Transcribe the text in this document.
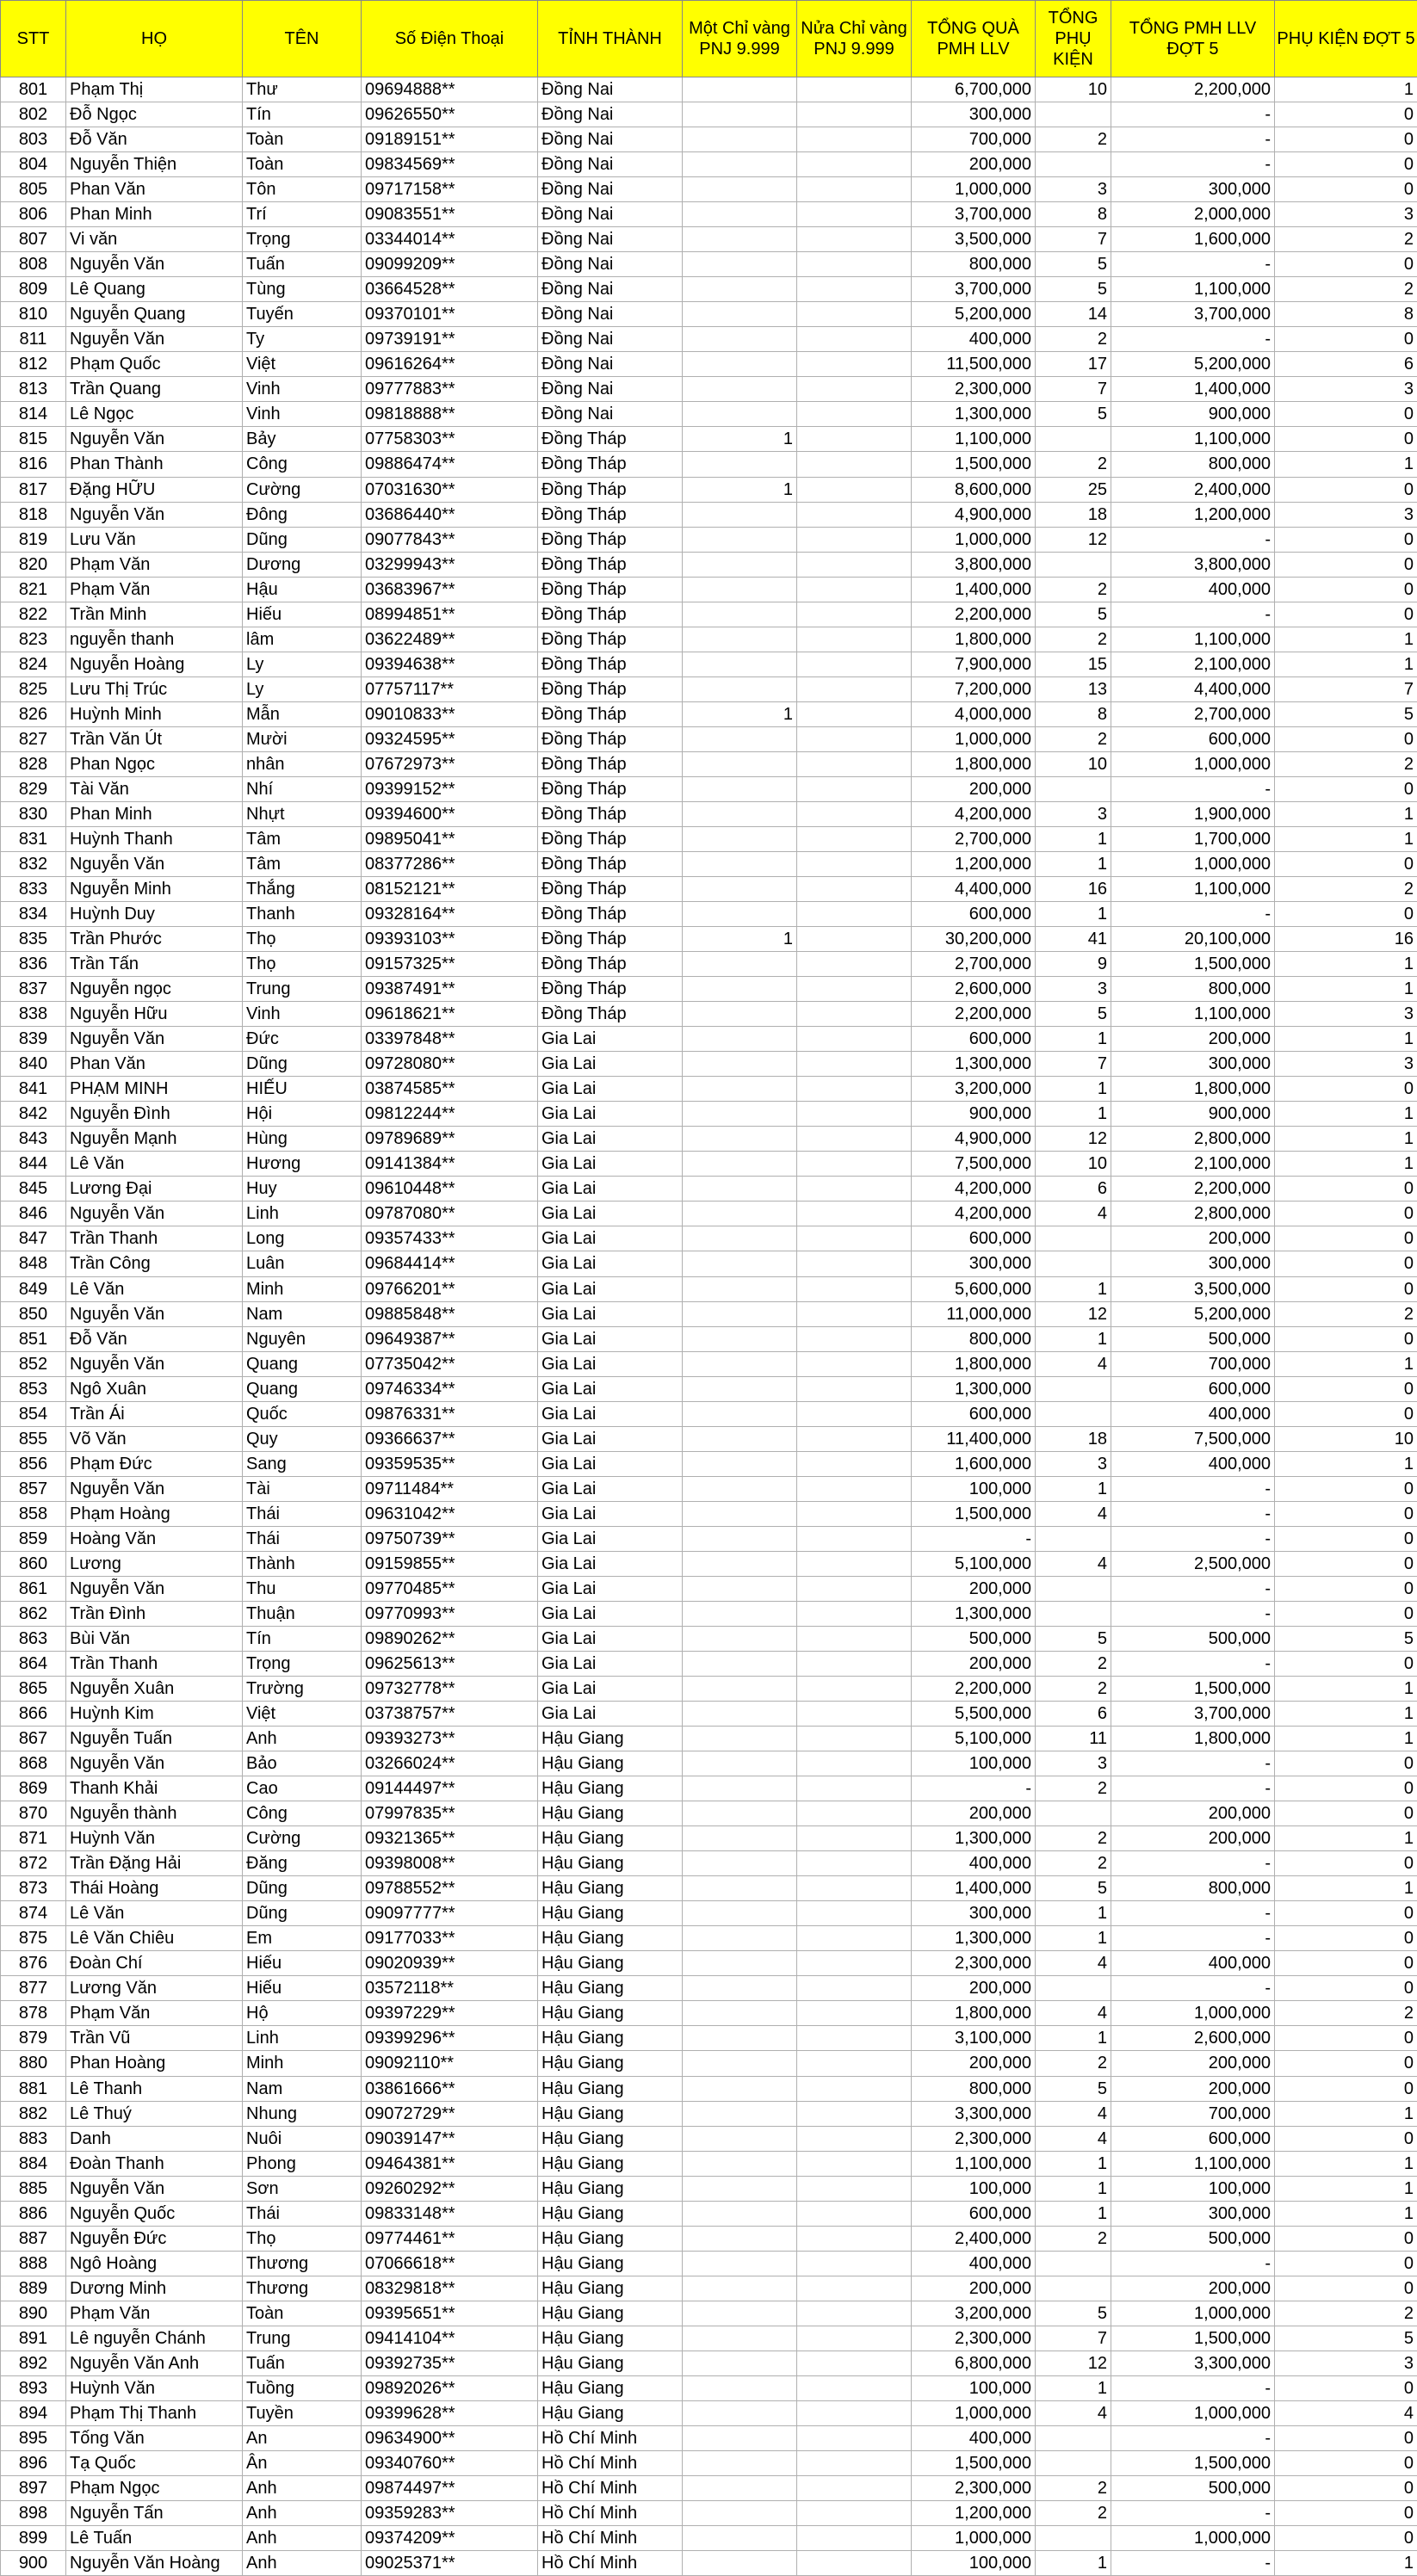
STT	HỌ	TÊN	Số Điện Thoại	TỈNH THÀNH	Một Chỉ vàng PNJ 9.999	Nửa Chỉ vàng PNJ 9.999	TỔNG QUÀ PMH LLV	TỔNG PHỤ KIỆN	TỔNG PMH LLV ĐỢT 5	PHỤ KIỆN ĐỢT 5
801	Phạm Thị	Thư	09694888**	Đồng Nai			6,700,000	10	2,200,000	1
802	Đỗ Ngọc	Tín	09626550**	Đồng Nai			300,000		-	0
803	Đỗ Văn	Toàn	09189151**	Đồng Nai			700,000	2	-	0
804	Nguyễn Thiện	Toàn	09834569**	Đồng Nai			200,000		-	0
805	Phan Văn	Tôn	09717158**	Đồng Nai			1,000,000	3	300,000	0
806	Phan Minh	Trí	09083551**	Đồng Nai			3,700,000	8	2,000,000	3
807	Vi văn	Trọng	03344014**	Đồng Nai			3,500,000	7	1,600,000	2
808	Nguyễn Văn	Tuấn	09099209**	Đồng Nai			800,000	5	-	0
809	Lê Quang	Tùng	03664528**	Đồng Nai			3,700,000	5	1,100,000	2
810	Nguyễn Quang	Tuyến	09370101**	Đồng Nai			5,200,000	14	3,700,000	8
811	Nguyễn Văn	Ty	09739191**	Đồng Nai			400,000	2	-	0
812	Phạm Quốc	Việt	09616264**	Đồng Nai			11,500,000	17	5,200,000	6
813	Trần Quang	Vinh	09777883**	Đồng Nai			2,300,000	7	1,400,000	3
814	Lê Ngọc	Vinh	09818888**	Đồng Nai			1,300,000	5	900,000	0
815	Nguyễn Văn	Bảy	07758303**	Đồng Tháp	1		1,100,000		1,100,000	0
816	Phan Thành	Công	09886474**	Đồng Tháp			1,500,000	2	800,000	1
817	Đặng HỮU	Cường	07031630**	Đồng Tháp	1		8,600,000	25	2,400,000	0
818	Nguyễn Văn	Đông	03686440**	Đồng Tháp			4,900,000	18	1,200,000	3
819	Lưu Văn	Dũng	09077843**	Đồng Tháp			1,000,000	12	-	0
820	Phạm Văn	Dương	03299943**	Đồng Tháp			3,800,000		3,800,000	0
821	Phạm Văn	Hậu	03683967**	Đồng Tháp			1,400,000	2	400,000	0
822	Trần Minh	Hiếu	08994851**	Đồng Tháp			2,200,000	5	-	0
823	nguyễn thanh	lâm	03622489**	Đồng Tháp			1,800,000	2	1,100,000	1
824	Nguyễn Hoàng	Ly	09394638**	Đồng Tháp			7,900,000	15	2,100,000	1
825	Lưu Thị Trúc	Ly	07757117**	Đồng Tháp			7,200,000	13	4,400,000	7
826	Huỳnh Minh	Mẫn	09010833**	Đồng Tháp	1		4,000,000	8	2,700,000	5
827	Trần Văn Út	Mười	09324595**	Đồng Tháp			1,000,000	2	600,000	0
828	Phan Ngọc	nhân	07672973**	Đồng Tháp			1,800,000	10	1,000,000	2
829	Tài Văn	Nhí	09399152**	Đồng Tháp			200,000		-	0
830	Phan Minh	Nhựt	09394600**	Đồng Tháp			4,200,000	3	1,900,000	1
831	Huỳnh Thanh	Tâm	09895041**	Đồng Tháp			2,700,000	1	1,700,000	1
832	Nguyễn Văn	Tâm	08377286**	Đồng Tháp			1,200,000	1	1,000,000	0
833	Nguyễn Minh	Thắng	08152121**	Đồng Tháp			4,400,000	16	1,100,000	2
834	Huỳnh Duy	Thanh	09328164**	Đồng Tháp			600,000	1	-	0
835	Trần Phước	Thọ	09393103**	Đồng Tháp	1		30,200,000	41	20,100,000	16
836	Trần Tấn	Thọ	09157325**	Đồng Tháp			2,700,000	9	1,500,000	1
837	Nguyễn ngọc	Trung	09387491**	Đồng Tháp			2,600,000	3	800,000	1
838	Nguyễn Hữu	Vinh	09618621**	Đồng Tháp			2,200,000	5	1,100,000	3
839	Nguyễn Văn	Đức	03397848**	Gia Lai			600,000	1	200,000	1
840	Phan Văn	Dũng	09728080**	Gia Lai			1,300,000	7	300,000	3
841	PHẠM MINH	HIẾU	03874585**	Gia Lai			3,200,000	1	1,800,000	0
842	Nguyễn Đình	Hội	09812244**	Gia Lai			900,000	1	900,000	1
843	Nguyễn Mạnh	Hùng	09789689**	Gia Lai			4,900,000	12	2,800,000	1
844	Lê Văn	Hương	09141384**	Gia Lai			7,500,000	10	2,100,000	1
845	Lương Đại	Huy	09610448**	Gia Lai			4,200,000	6	2,200,000	0
846	Nguyễn Văn	Linh	09787080**	Gia Lai			4,200,000	4	2,800,000	0
847	Trần Thanh	Long	09357433**	Gia Lai			600,000		200,000	0
848	Trần Công	Luân	09684414**	Gia Lai			300,000		300,000	0
849	Lê Văn	Minh	09766201**	Gia Lai			5,600,000	1	3,500,000	0
850	Nguyễn Văn	Nam	09885848**	Gia Lai			11,000,000	12	5,200,000	2
851	Đỗ Văn	Nguyên	09649387**	Gia Lai			800,000	1	500,000	0
852	Nguyễn Văn	Quang	07735042**	Gia Lai			1,800,000	4	700,000	1
853	Ngô Xuân	Quang	09746334**	Gia Lai			1,300,000		600,000	0
854	Trần Ái	Quốc	09876331**	Gia Lai			600,000		400,000	0
855	Võ Văn	Quy	09366637**	Gia Lai			11,400,000	18	7,500,000	10
856	Phạm Đức	Sang	09359535**	Gia Lai			1,600,000	3	400,000	1
857	Nguyễn Văn	Tài	09711484**	Gia Lai			100,000	1	-	0
858	Phạm Hoàng	Thái	09631042**	Gia Lai			1,500,000	4	-	0
859	Hoàng Văn	Thái	09750739**	Gia Lai			-		-	0
860	Lương	Thành	09159855**	Gia Lai			5,100,000	4	2,500,000	0
861	Nguyễn Văn	Thu	09770485**	Gia Lai			200,000		-	0
862	Trần Đình	Thuận	09770993**	Gia Lai			1,300,000		-	0
863	Bùi Văn	Tín	09890262**	Gia Lai			500,000	5	500,000	5
864	Trần Thanh	Trọng	09625613**	Gia Lai			200,000	2	-	0
865	Nguyễn Xuân	Trường	09732778**	Gia Lai			2,200,000	2	1,500,000	1
866	Huỳnh Kim	Việt	03738757**	Gia Lai			5,500,000	6	3,700,000	1
867	Nguyễn Tuấn	Anh	09393273**	Hậu Giang			5,100,000	11	1,800,000	1
868	Nguyễn Văn	Bảo	03266024**	Hậu Giang			100,000	3	-	0
869	Thanh Khải	Cao	09144497**	Hậu Giang			-	2	-	0
870	Nguyễn thành	Công	07997835**	Hậu Giang			200,000		200,000	0
871	Huỳnh Văn	Cường	09321365**	Hậu Giang			1,300,000	2	200,000	1
872	Trần Đặng Hải	Đăng	09398008**	Hậu Giang			400,000	2	-	0
873	Thái Hoàng	Dũng	09788552**	Hậu Giang			1,400,000	5	800,000	1
874	Lê Văn	Dũng	09097777**	Hậu Giang			300,000	1	-	0
875	Lê Văn Chiêu	Em	09177033**	Hậu Giang			1,300,000	1	-	0
876	Đoàn Chí	Hiếu	09020939**	Hậu Giang			2,300,000	4	400,000	0
877	Lương Văn	Hiếu	03572118**	Hậu Giang			200,000		-	0
878	Phạm Văn	Hộ	09397229**	Hậu Giang			1,800,000	4	1,000,000	2
879	Trần Vũ	Linh	09399296**	Hậu Giang			3,100,000	1	2,600,000	0
880	Phan Hoàng	Minh	09092110**	Hậu Giang			200,000	2	200,000	0
881	Lê Thanh	Nam	03861666**	Hậu Giang			800,000	5	200,000	0
882	Lê Thuý	Nhung	09072729**	Hậu Giang			3,300,000	4	700,000	1
883	Danh	Nuôi	09039147**	Hậu Giang			2,300,000	4	600,000	0
884	Đoàn Thanh	Phong	09464381**	Hậu Giang			1,100,000	1	1,100,000	1
885	Nguyễn Văn	Sơn	09260292**	Hậu Giang			100,000	1	100,000	1
886	Nguyễn Quốc	Thái	09833148**	Hậu Giang			600,000	1	300,000	1
887	Nguyễn Đức	Thọ	09774461**	Hậu Giang			2,400,000	2	500,000	0
888	Ngô Hoàng	Thương	07066618**	Hậu Giang			400,000		-	0
889	Dương Minh	Thương	08329818**	Hậu Giang			200,000		200,000	0
890	Phạm Văn	Toàn	09395651**	Hậu Giang			3,200,000	5	1,000,000	2
891	Lê nguyễn Chánh	Trung	09414104**	Hậu Giang			2,300,000	7	1,500,000	5
892	Nguyễn Văn Anh	Tuấn	09392735**	Hậu Giang			6,800,000	12	3,300,000	3
893	Huỳnh Văn	Tuồng	09892026**	Hậu Giang			100,000	1	-	0
894	Phạm Thị Thanh	Tuyền	09399628**	Hậu Giang			1,000,000	4	1,000,000	4
895	Tống Văn	An	09634900**	Hồ Chí Minh			400,000		-	0
896	Tạ Quốc	Ân	09340760**	Hồ Chí Minh			1,500,000		1,500,000	0
897	Phạm Ngọc	Anh	09874497**	Hồ Chí Minh			2,300,000	2	500,000	0
898	Nguyễn Tấn	Anh	09359283**	Hồ Chí Minh			1,200,000	2	-	0
899	Lê Tuấn	Anh	09374209**	Hồ Chí Minh			1,000,000		1,000,000	0
900	Nguyễn Văn Hoàng	Anh	09025371**	Hồ Chí Minh			100,000	1	-	1
